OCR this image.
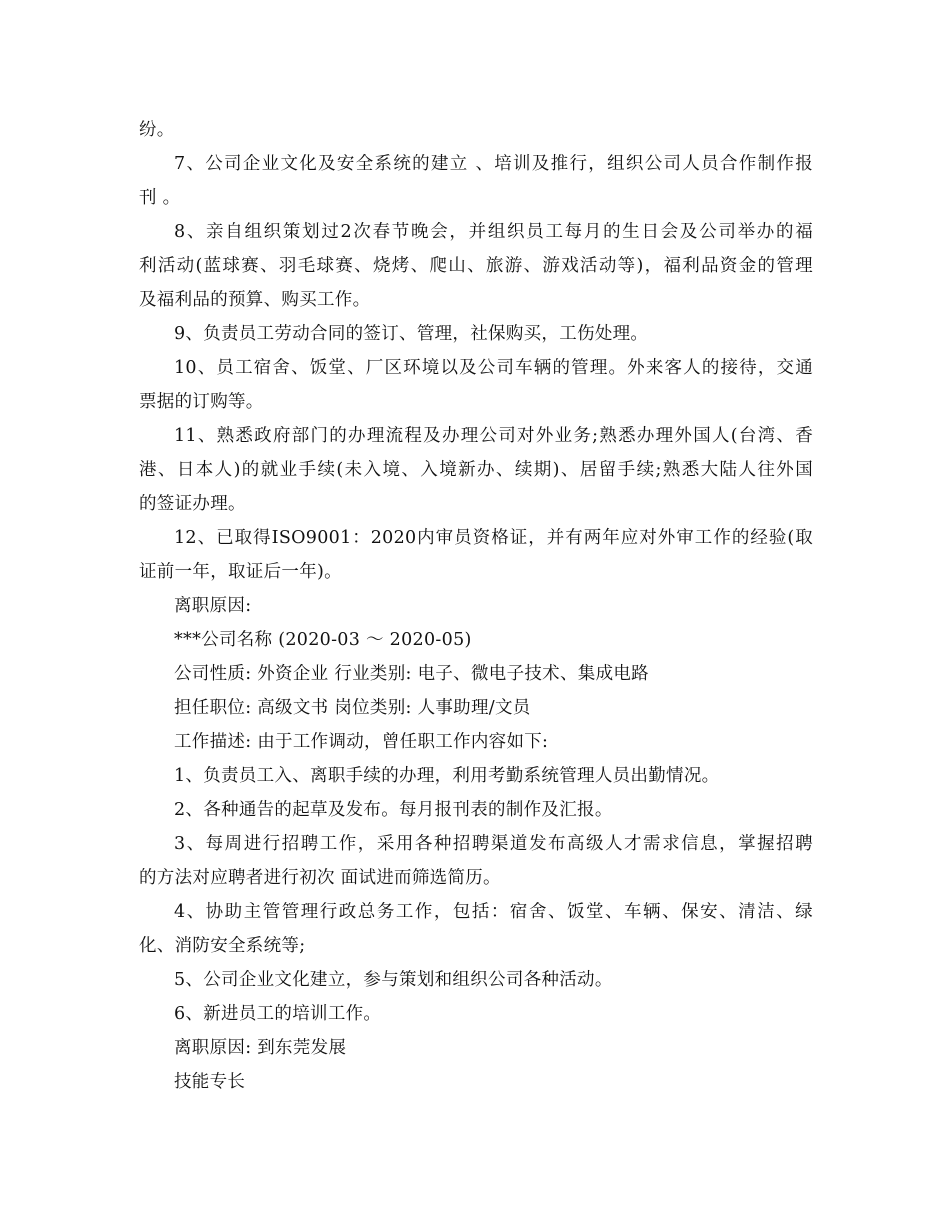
纷。
7、公司企业文化及安全系统的建立 、培训及推行，组织公司人员合作制作报
刊 。
8、亲自组织策划过2次春节晚会，并组织员工每月的生日会及公司举办的福
利活动(蓝球赛、羽毛球赛、烧烤、爬山、旅游、游戏活动等)，福利品资金的管理
及福利品的预算、购买工作。
9、负责员工劳动合同的签订、管理，社保购买，工伤处理。
10、员工宿舍、饭堂、厂区环境以及公司车辆的管理。外来客人的接待，交通
票据的订购等。
11、熟悉政府部门的办理流程及办理公司对外业务;熟悉办理外国人(台湾、香
港、日本人)的就业手续(未入境、入境新办、续期)、居留手续;熟悉大陆人往外国
的签证办理。
12、已取得ISO9001：2020内审员资格证，并有两年应对外审工作的经验(取
证前一年，取证后一年)。
离职原因:
***公司名称 (2020-03 ～ 2020-05)
公司性质: 外资企业 行业类别: 电子、微电子技术、集成电路
担任职位: 高级文书 岗位类别: 人事助理/文员
工作描述: 由于工作调动，曾任职工作内容如下:
1、负责员工入、离职手续的办理，利用考勤系统管理人员出勤情况。
2、各种通告的起草及发布。每月报刊表的制作及汇报。
3、每周进行招聘工作，采用各种招聘渠道发布高级人才需求信息，掌握招聘
的方法对应聘者进行初次 面试进而筛选简历。
4、协助主管管理行政总务工作，包括：宿舍、饭堂、车辆、保安、清洁、绿
化、消防安全系统等;
5、公司企业文化建立，参与策划和组织公司各种活动。
6、新进员工的培训工作。
离职原因: 到东莞发展
技能专长
